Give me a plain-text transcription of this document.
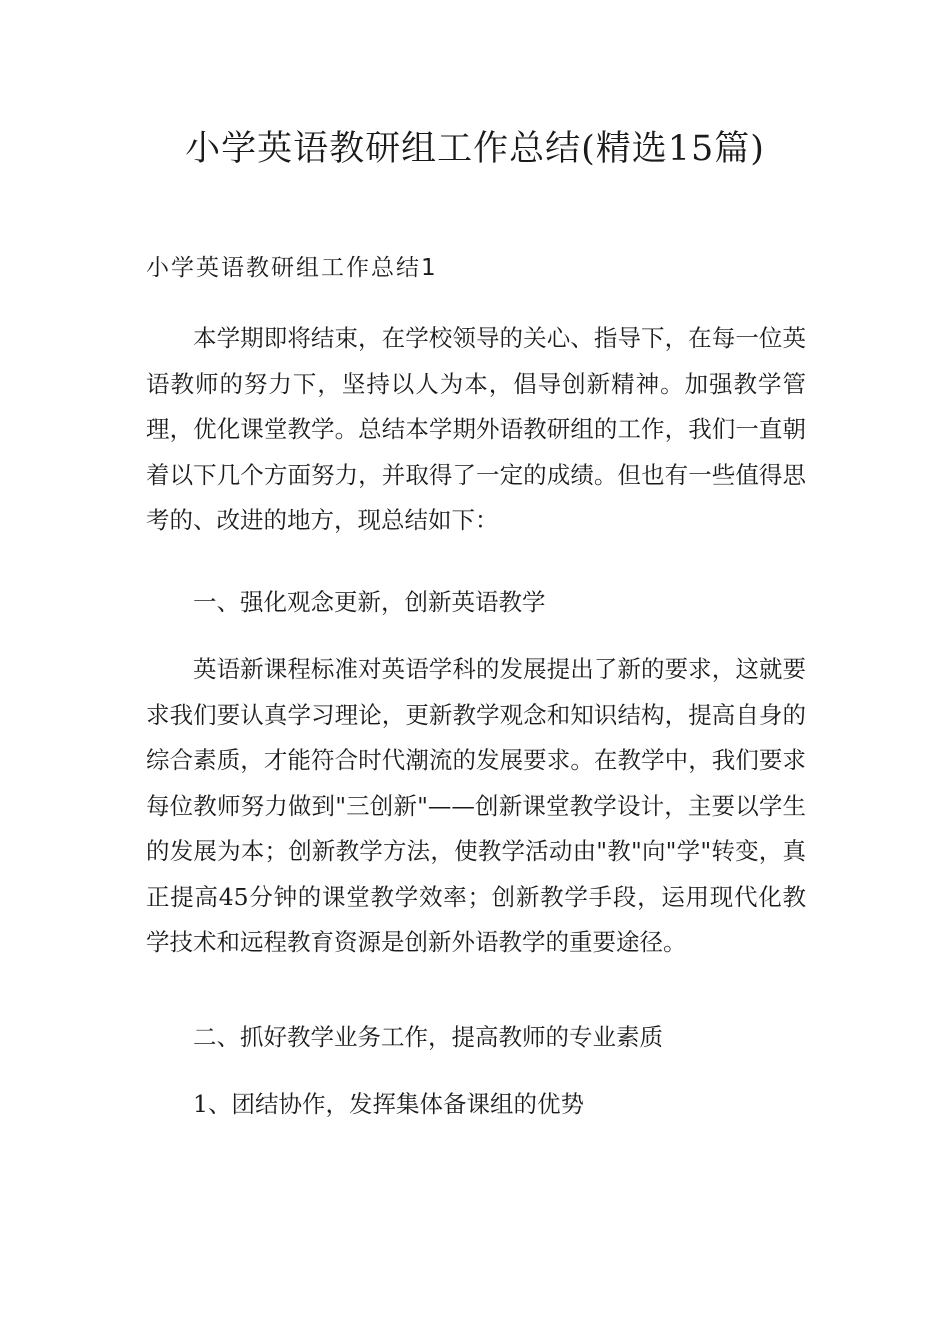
小学英语教研组工作总结(精选15篇)
小学英语教研组工作总结1

本学期即将结束，在学校领导的关心、指导下，在每一位英语教师的努力下，坚持以人为本，倡导创新精神。加强教学管理，优化课堂教学。总结本学期外语教研组的工作，我们一直朝着以下几个方面努力，并取得了一定的成绩。但也有一些值得思考的、改进的地方，现总结如下：

一、强化观念更新，创新英语教学

英语新课程标准对英语学科的发展提出了新的要求，这就要求我们要认真学习理论，更新教学观念和知识结构，提高自身的综合素质，才能符合时代潮流的发展要求。在教学中，我们要求每位教师努力做到"三创新"——创新课堂教学设计，主要以学生的发展为本；创新教学方法，使教学活动由"教"向"学"转变，真正提高45分钟的课堂教学效率；创新教学手段，运用现代化教学技术和远程教育资源是创新外语教学的重要途径。

二、抓好教学业务工作，提高教师的专业素质

1、团结协作，发挥集体备课组的优势
